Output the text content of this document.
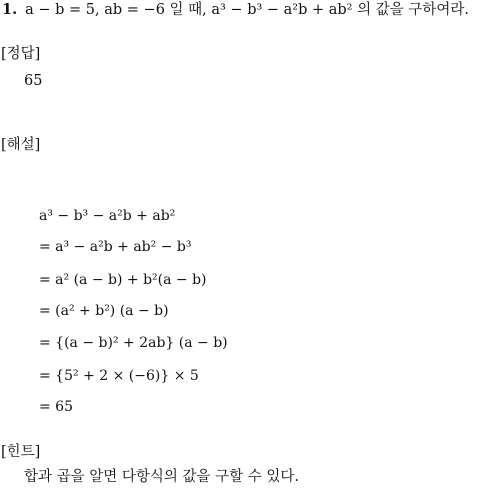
1. a − b = 5, ab = −6 일 때, a³ − b³ − a²b + ab² 의 값을 구하여라.
[정답]
65
[해설]
a³ − b³ − a²b + ab²
= a³ − a²b + ab² − b³
= a² (a − b) + b²(a − b)
= (a² + b²) (a − b)
= {(a − b)² + 2ab} (a − b)
= {5² + 2 × (−6)} × 5
= 65
[힌트]
합과 곱을 알면 다항식의 값을 구할 수 있다.
